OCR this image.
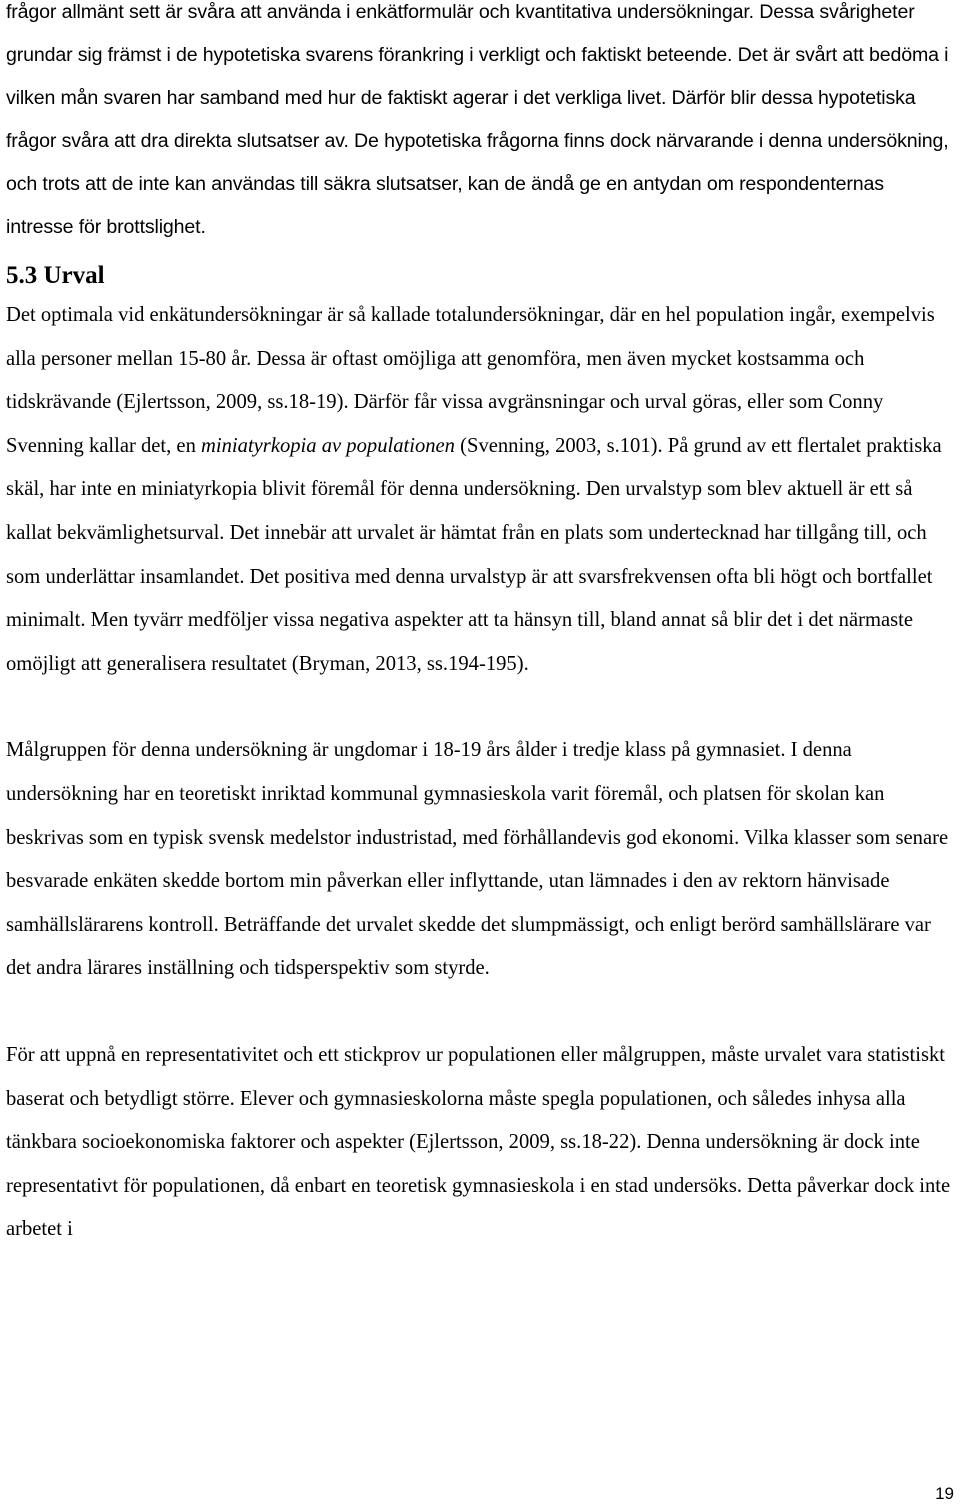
frågor allmänt sett är svåra att använda i enkätformulär och kvantitativa undersökningar. Dessa svårigheter grundar sig främst i de hypotetiska svarens förankring i verkligt och faktiskt beteende. Det är svårt att bedöma i vilken mån svaren har samband med hur de faktiskt agerar i det verkliga livet. Därför blir dessa hypotetiska frågor svåra att dra direkta slutsatser av. De hypotetiska frågorna finns dock närvarande i denna undersökning, och trots att de inte kan användas till säkra slutsatser, kan de ändå ge en antydan om respondenternas intresse för brottslighet.

5.3 Urval

Det optimala vid enkätundersökningar är så kallade totalundersökningar, där en hel population ingår, exempelvis alla personer mellan 15-80 år. Dessa är oftast omöjliga att genomföra, men även mycket kostsamma och tidskrävande (Ejlertsson, 2009, ss.18-19). Därför får vissa avgränsningar och urval göras, eller som Conny Svenning kallar det, en miniatyrkopia av populationen (Svenning, 2003, s.101). På grund av ett flertalet praktiska skäl, har inte en miniatyrkopia blivit föremål för denna undersökning. Den urvalstyp som blev aktuell är ett så kallat bekvämlighetsurval. Det innebär att urvalet är hämtat från en plats som undertecknad har tillgång till, och som underlättar insamlandet. Det positiva med denna urvalstyp är att svarsfrekvensen ofta bli högt och bortfallet minimalt. Men tyvärr medföljer vissa negativa aspekter att ta hänsyn till, bland annat så blir det i det närmaste omöjligt att generalisera resultatet (Bryman, 2013, ss.194-195).

Målgruppen för denna undersökning är ungdomar i 18-19 års ålder i tredje klass på gymnasiet. I denna undersökning har en teoretiskt inriktad kommunal gymnasieskola varit föremål, och platsen för skolan kan beskrivas som en typisk svensk medelstor industristad, med förhållandevis god ekonomi. Vilka klasser som senare besvarade enkäten skedde bortom min påverkan eller inflyttande, utan lämnades i den av rektorn hänvisade samhällslärarens kontroll. Beträffande det urvalet skedde det slumpmässigt, och enligt berörd samhällslärare var det andra lärares inställning och tidsperspektiv som styrde.

För att uppnå en representativitet och ett stickprov ur populationen eller målgruppen, måste urvalet vara statistiskt baserat och betydligt större. Elever och gymnasieskolorna måste spegla populationen, och således inhysa alla tänkbara socioekonomiska faktorer och aspekter (Ejlertsson, 2009, ss.18-22). Denna undersökning är dock inte representativt för populationen, då enbart en teoretisk gymnasieskola i en stad undersöks. Detta påverkar dock inte arbetet i

19
